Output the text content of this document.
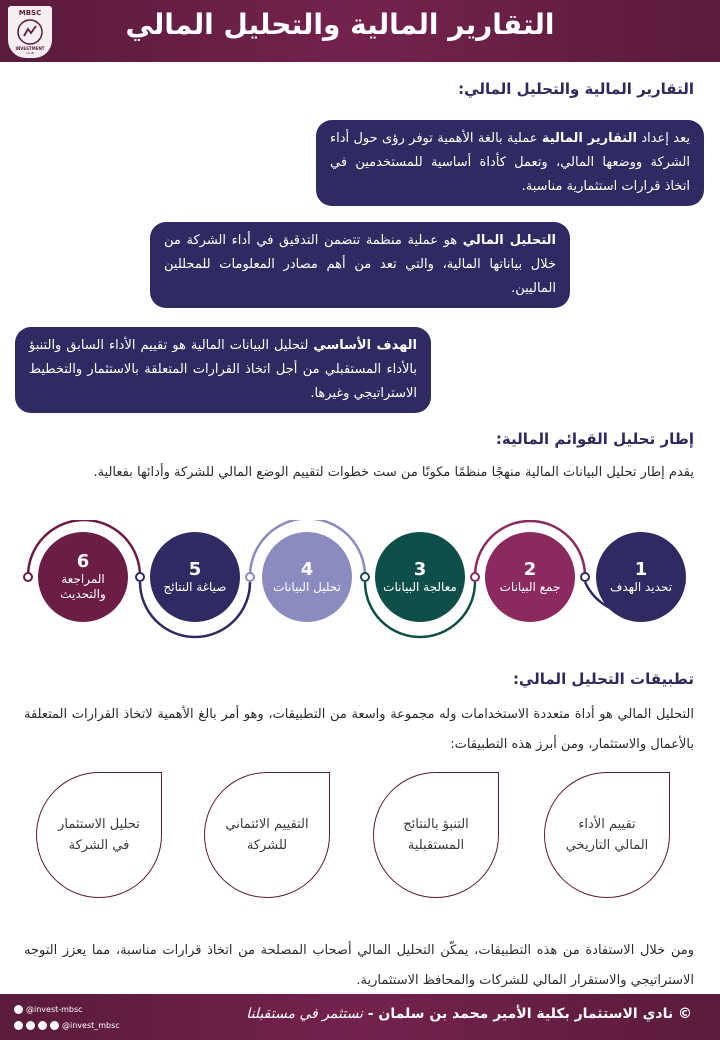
MBSC
INVESTMENT
CLUB
التقارير المالية والتحليل المالي
التقارير المالية والتحليل المالي:
يعد إعداد التقارير المالية عملية بالغة الأهمية توفر رؤى حول أداء الشركة ووضعها المالي، وتعمل كأداة أساسية للمستخدمين في اتخاذ قرارات استثمارية مناسبة.
التحليل المالي هو عملية منظمة تتضمن التدقيق في أداء الشركة من خلال بياناتها المالية، والتي تعد من أهم مصادر المعلومات للمحللين الماليين.
الهدف الأساسي لتحليل البيانات المالية هو تقييم الأداء السابق والتنبؤ بالأداء المستقبلي من أجل اتخاذ القرارات المتعلقة بالاستثمار والتخطيط الاستراتيجي وغيرها.
إطار تحليل القوائم المالية:
يقدم إطار تحليل البيانات المالية منهجًا منظمًا مكونًا من ست خطوات لتقييم الوضع المالي للشركة وأدائها بفعالية.
1
تحديد الهدف
2
جمع البيانات
3
معالجة البيانات
4
تحليل البيانات
5
صياغة النتائج
6
المراجعة والتحديث
تطبيقات التحليل المالي:
التحليل المالي هو أداة متعددة الاستخدامات وله مجموعة واسعة من التطبيقات، وهو أمر بالغ الأهمية لاتخاذ القرارات المتعلقة بالأعمال والاستثمار، ومن أبرز هذه التطبيقات:
تقييم الأداء المالي التاريخي
التنبؤ بالنتائج المستقبلية
التقييم الائتماني للشركة
تحليل الاستثمار في الشركة
ومن خلال الاستفادة من هذه التطبيقات، يمكّن التحليل المالي أصحاب المصلحة من اتخاذ قرارات مناسبة، مما يعزز التوجه الاستراتيجي والاستقرار المالي للشركات والمحافظ الاستثمارية.
© نادي الاستثمار بكلية الأمير محمد بن سلمان - نستثمر في مستقبلنا
@invest-mbsc
@invest_mbsc
